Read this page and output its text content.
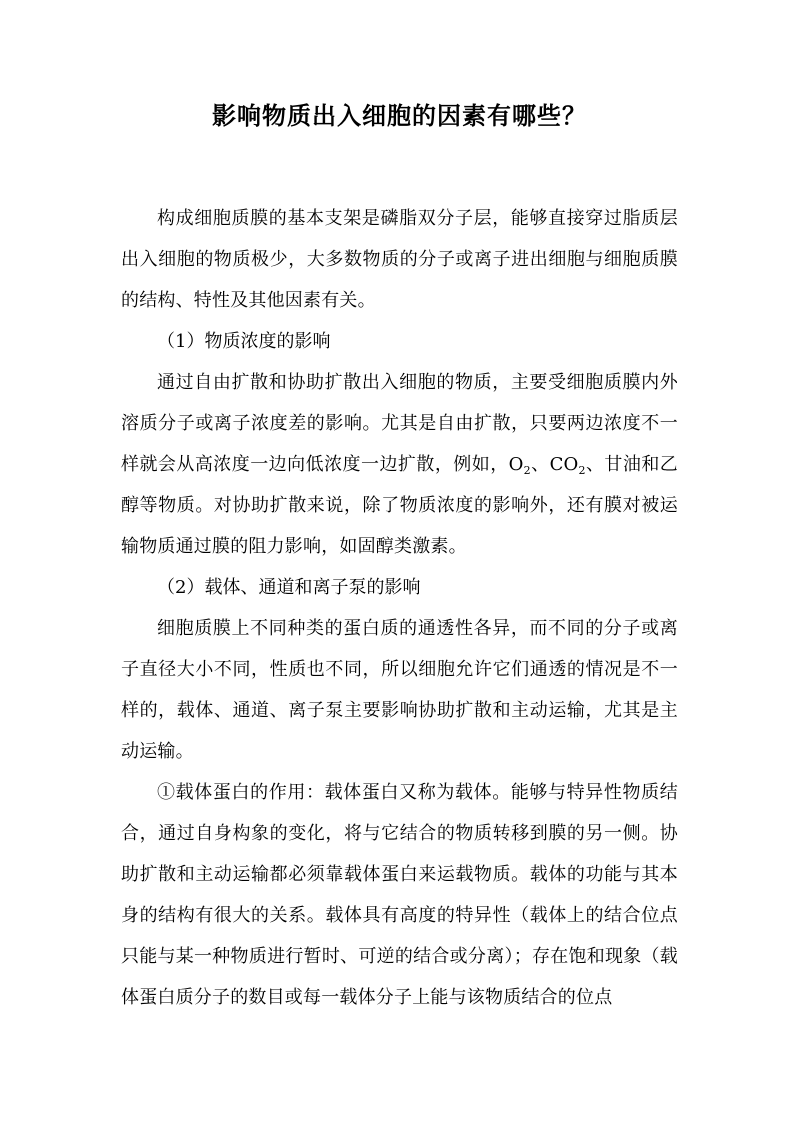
影响物质出入细胞的因素有哪些？

构成细胞质膜的基本支架是磷脂双分子层，能够直接穿过脂质层出入细胞的物质极少，大多数物质的分子或离子进出细胞与细胞质膜的结构、特性及其他因素有关。

（1）物质浓度的影响

通过自由扩散和协助扩散出入细胞的物质，主要受细胞质膜内外溶质分子或离子浓度差的影响。尤其是自由扩散，只要两边浓度不一样就会从高浓度一边向低浓度一边扩散，例如，$O_2$、$CO_2$、甘油和乙醇等物质。对协助扩散来说，除了物质浓度的影响外，还有膜对被运输物质通过膜的阻力影响，如固醇类激素。

（2）载体、通道和离子泵的影响

细胞质膜上不同种类的蛋白质的通透性各异，而不同的分子或离子直径大小不同，性质也不同，所以细胞允许它们通透的情况是不一样的，载体、通道、离子泵主要影响协助扩散和主动运输，尤其是主动运输。

①载体蛋白的作用：载体蛋白又称为载体。能够与特异性物质结合，通过自身构象的变化，将与它结合的物质转移到膜的另一侧。协助扩散和主动运输都必须靠载体蛋白来运载物质。载体的功能与其本身的结构有很大的关系。载体具有高度的特异性（载体上的结合位点只能与某一种物质进行暂时、可逆的结合或分离）；存在饱和现象（载体蛋白质分子的数目或每一载体分子上能与该物质结合的位点
